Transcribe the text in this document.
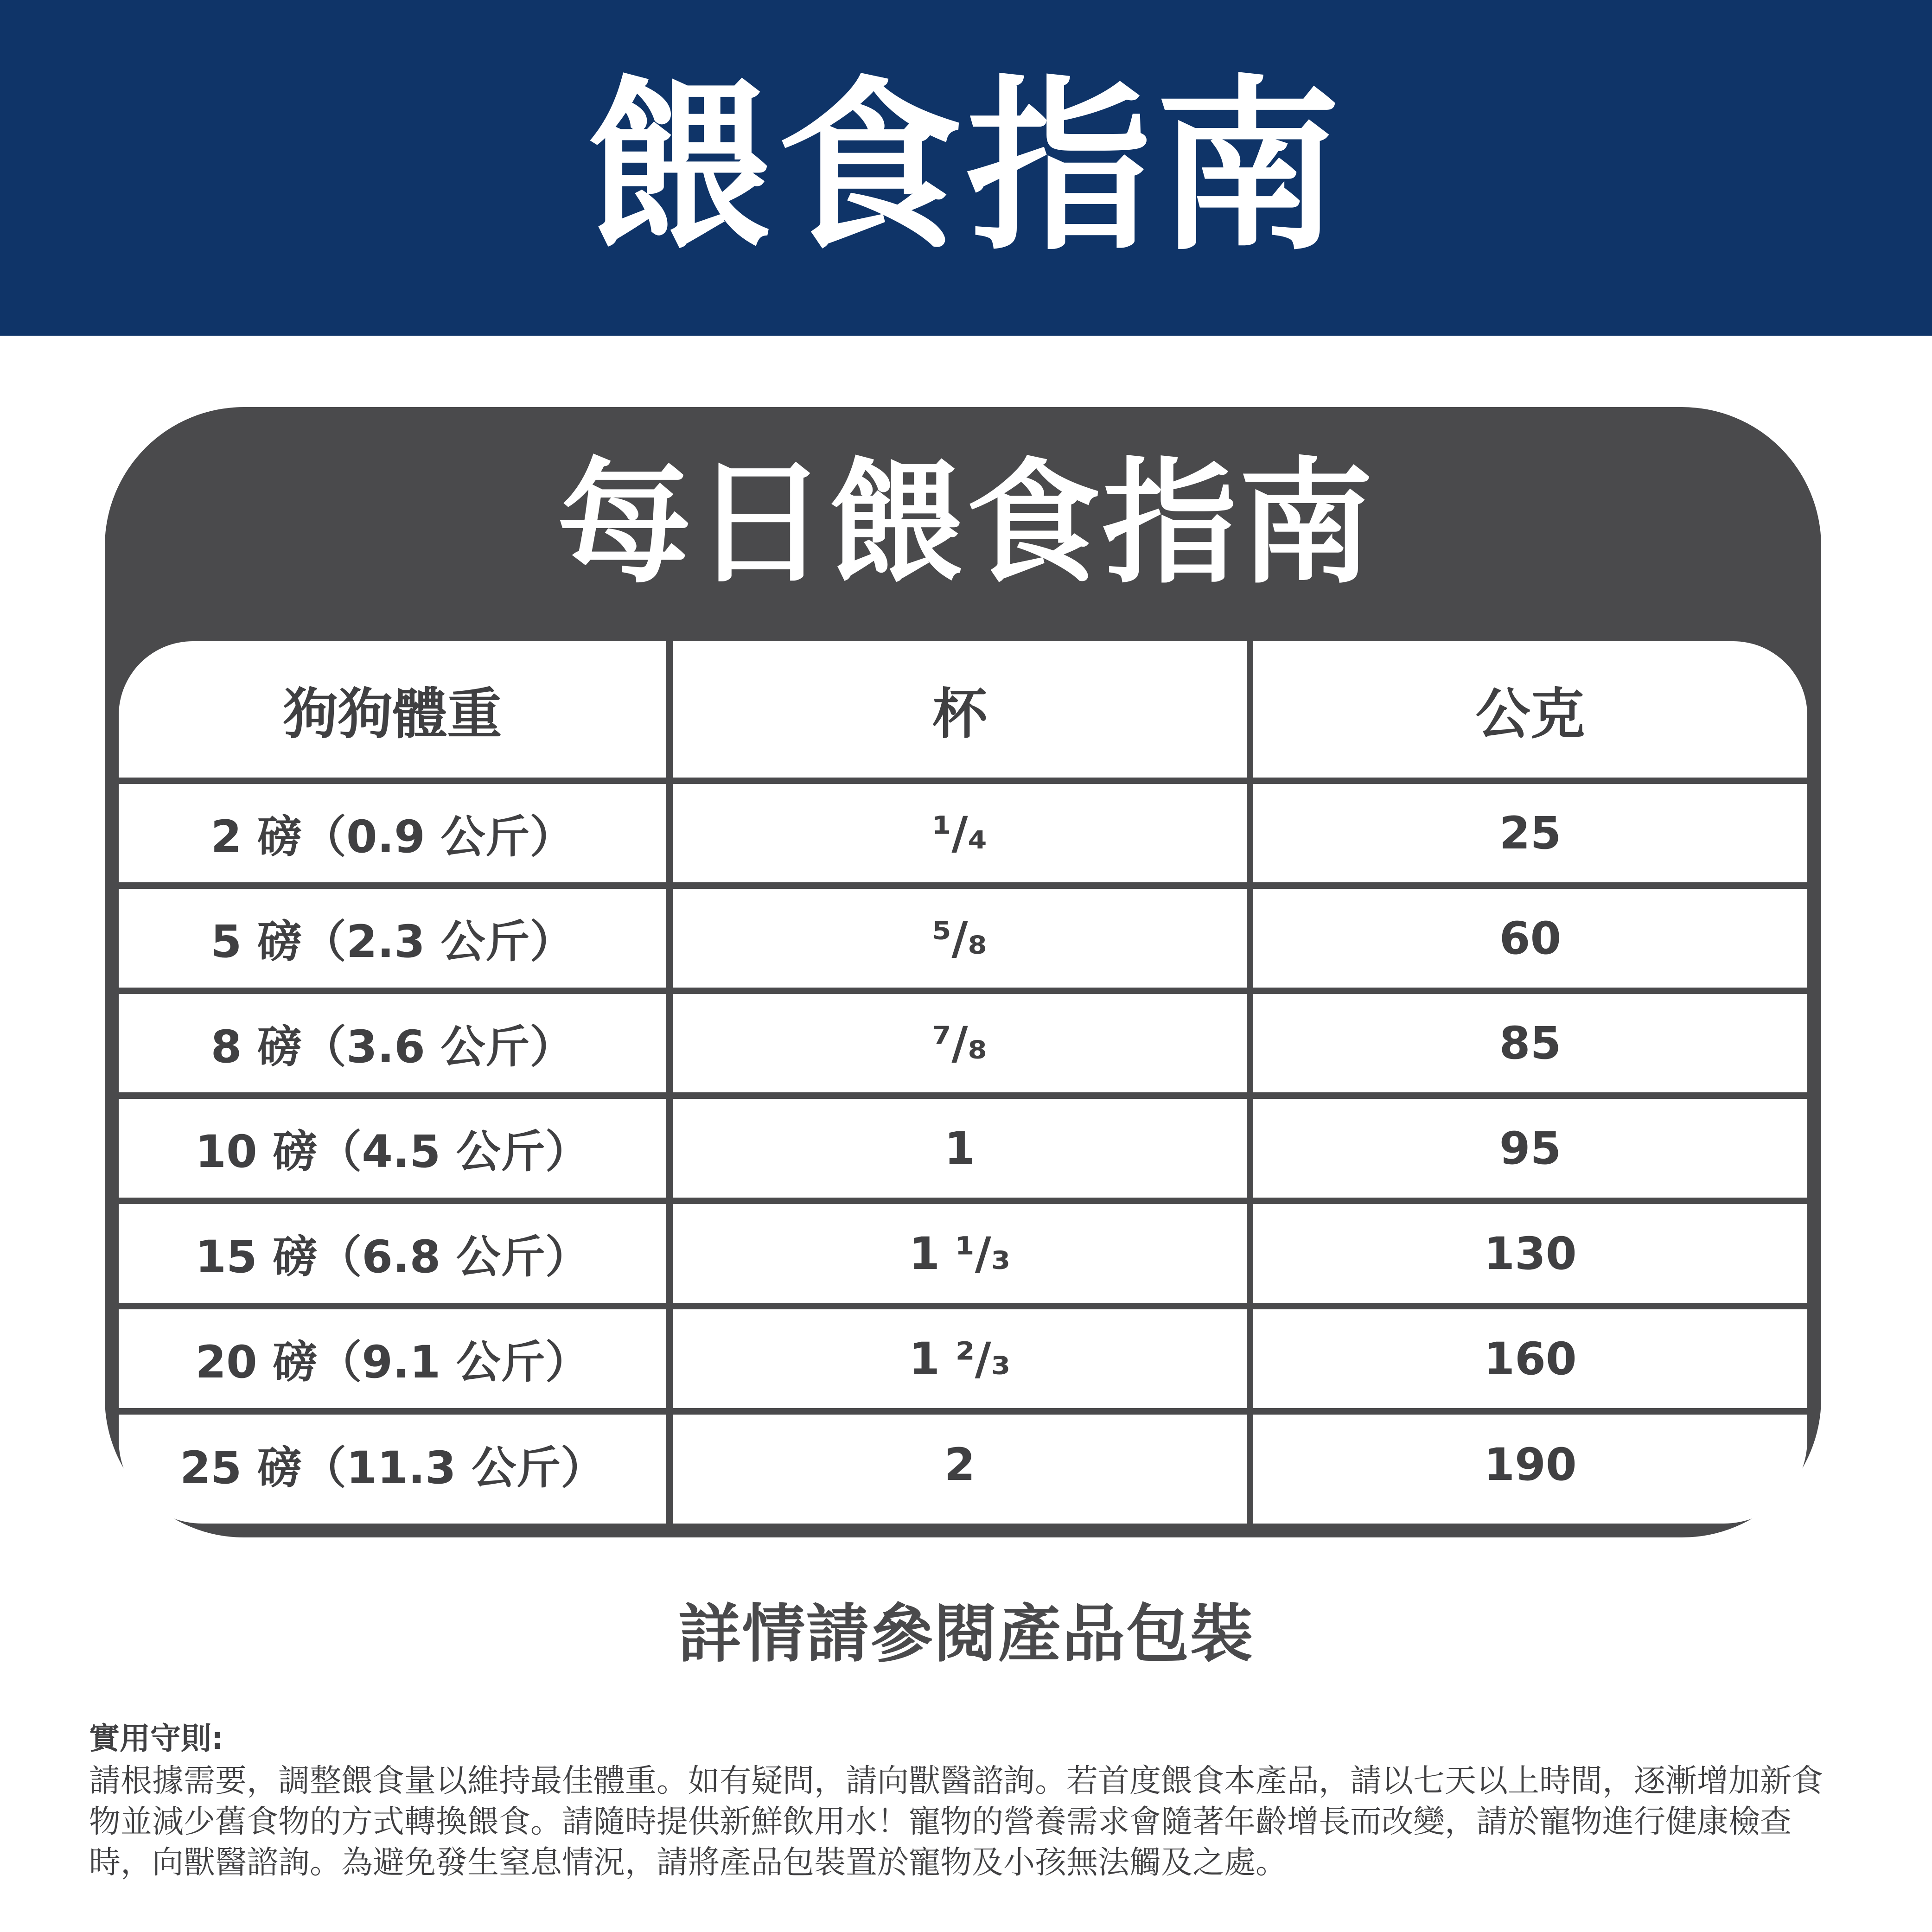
餵食指南
每日餵食指南
狗狗體重	杯	公克
2 磅（0.9 公斤）	¹/₄	25
5 磅（2.3 公斤）	⁵/₈	60
8 磅（3.6 公斤）	⁷/₈	85
10 磅（4.5 公斤）	1	95
15 磅（6.8 公斤）	1 ¹/₃	130
20 磅（9.1 公斤）	1 ²/₃	160
25 磅（11.3 公斤）	2	190
詳情請參閱產品包裝
實用守則:
請根據需要，調整餵食量以維持最佳體重。如有疑問，請向獸醫諮詢。若首度餵食本產品，請以七天以上時間，逐漸增加新食物並減少舊食物的方式轉換餵食。請隨時提供新鮮飲用水！寵物的營養需求會隨著年齡增長而改變，請於寵物進行健康檢查時，向獸醫諮詢。為避免發生窒息情況，請將產品包裝置於寵物及小孩無法觸及之處。
